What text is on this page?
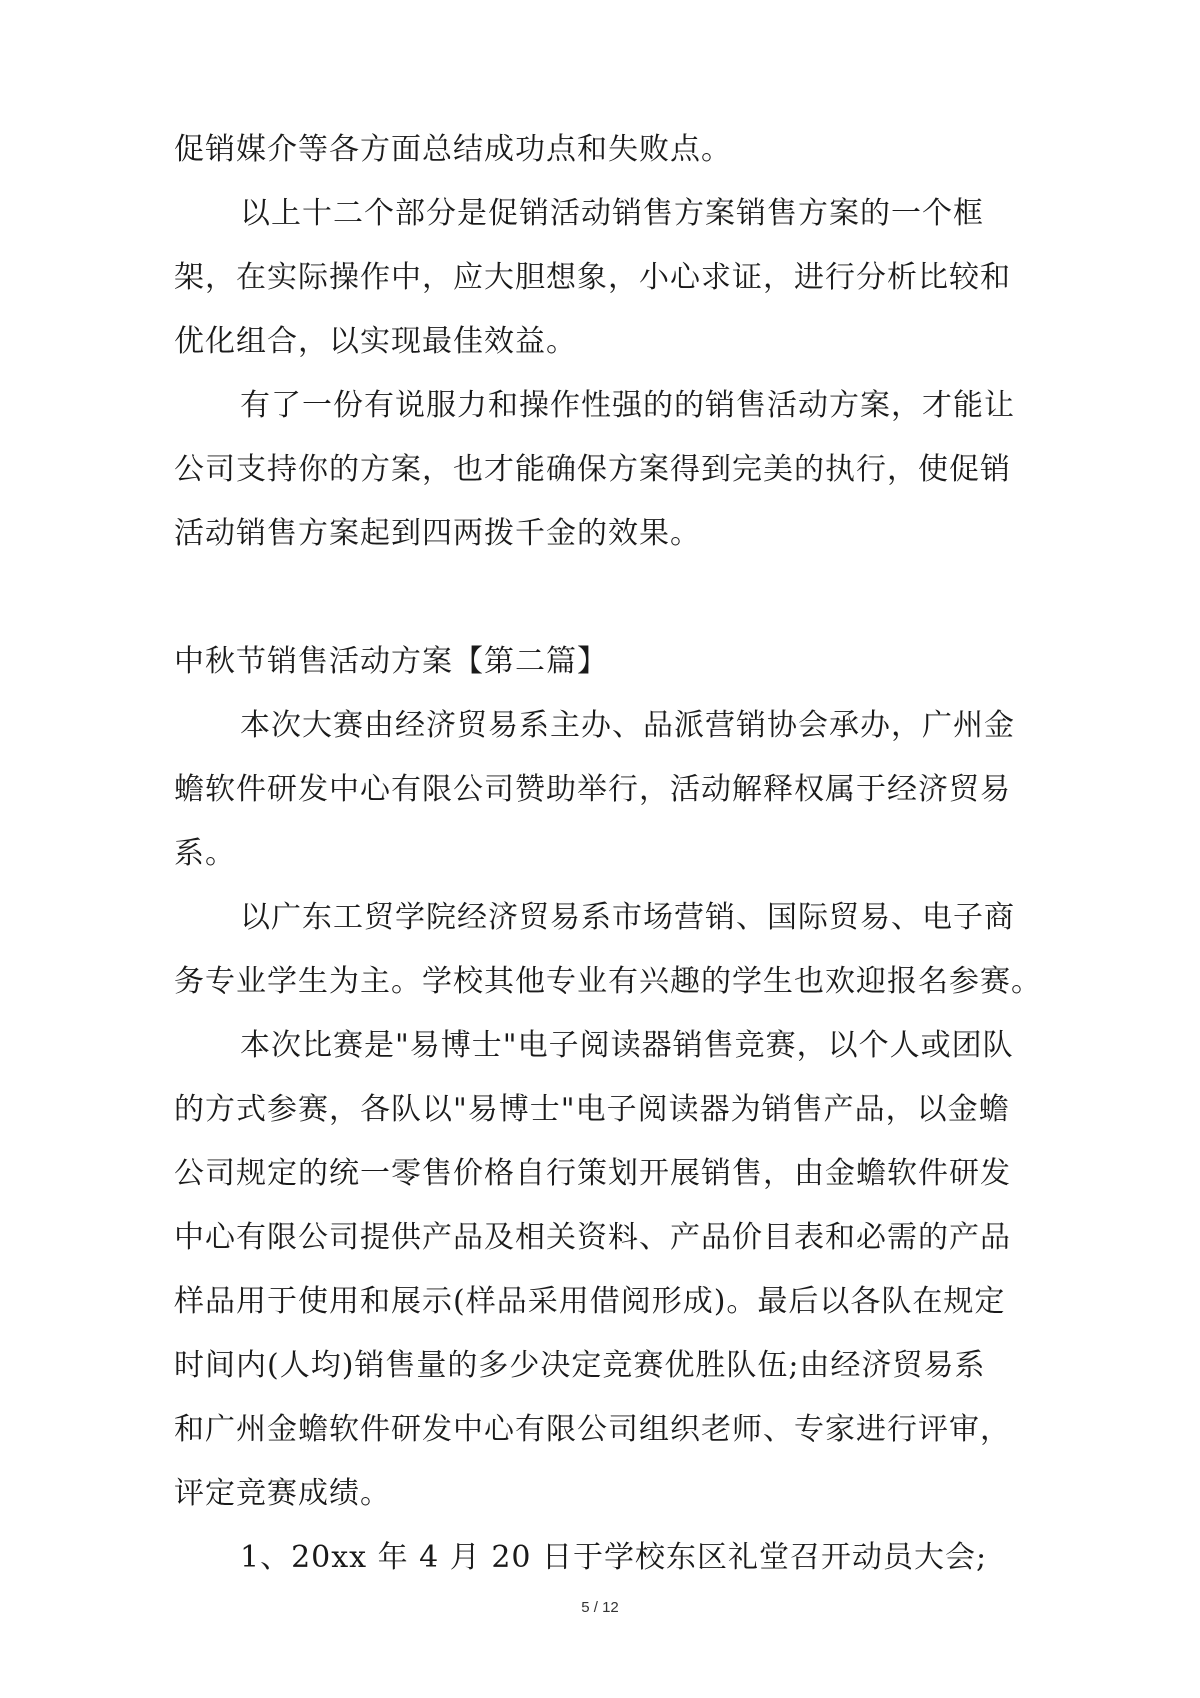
促销媒介等各方面总结成功点和失败点。
以上十二个部分是促销活动销售方案销售方案的一个框
架，在实际操作中，应大胆想象，小心求证，进行分析比较和
优化组合，以实现最佳效益。
有了一份有说服力和操作性强的的销售活动方案，才能让
公司支持你的方案，也才能确保方案得到完美的执行，使促销
活动销售方案起到四两拨千金的效果。
中秋节销售活动方案【第二篇】
本次大赛由经济贸易系主办、品派营销协会承办，广州金
蟾软件研发中心有限公司赞助举行，活动解释权属于经济贸易
系。
以广东工贸学院经济贸易系市场营销、国际贸易、电子商
务专业学生为主。学校其他专业有兴趣的学生也欢迎报名参赛。
本次比赛是"易博士"电子阅读器销售竞赛，以个人或团队
的方式参赛，各队以"易博士"电子阅读器为销售产品，以金蟾
公司规定的统一零售价格自行策划开展销售，由金蟾软件研发
中心有限公司提供产品及相关资料、产品价目表和必需的产品
样品用于使用和展示(样品采用借阅形成)。最后以各队在规定
时间内(人均)销售量的多少决定竞赛优胜队伍;由经济贸易系
和广州金蟾软件研发中心有限公司组织老师、专家进行评审，
评定竞赛成绩。
1、20xx 年 4 月 20 日于学校东区礼堂召开动员大会;
5 / 12
